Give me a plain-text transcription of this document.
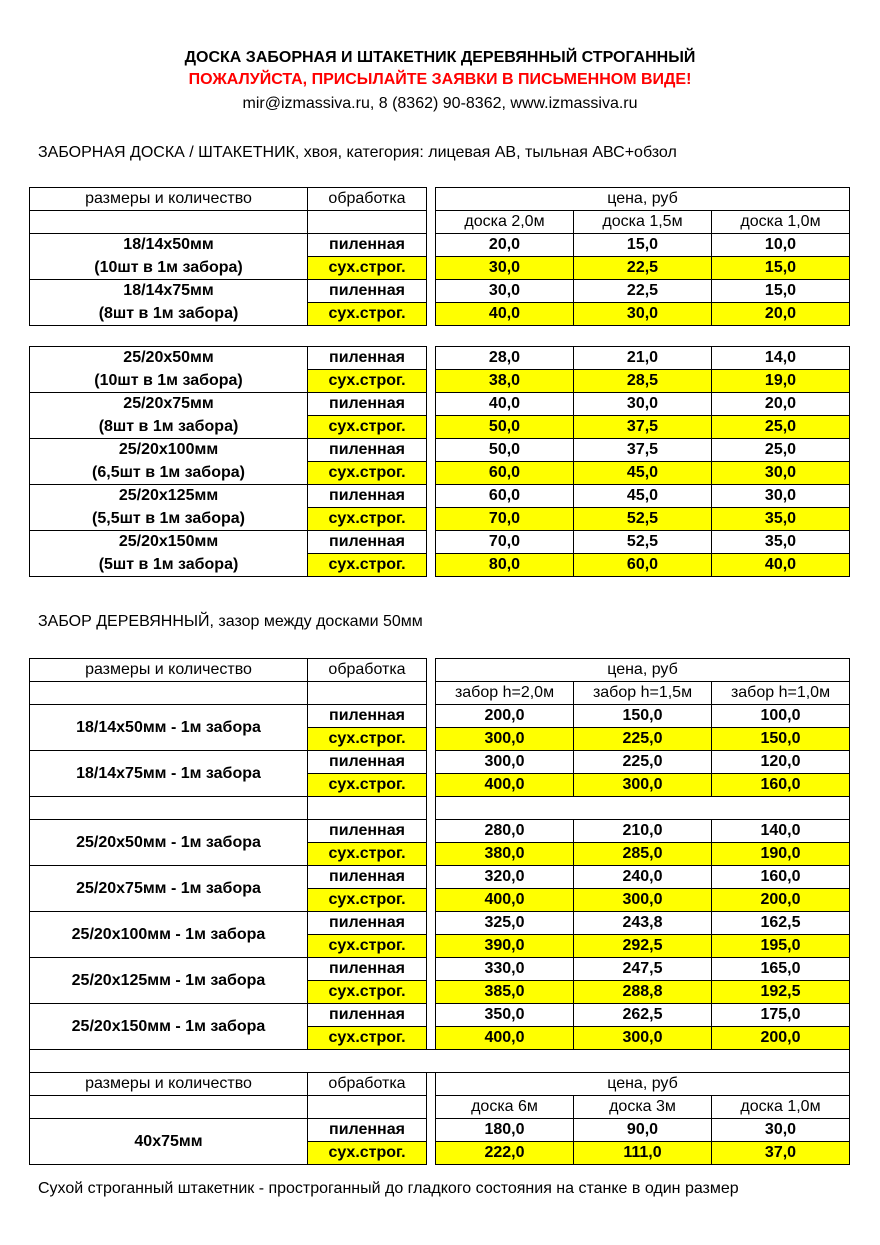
ДОСКА ЗАБОРНАЯ И ШТАКЕТНИК ДЕРЕВЯННЫЙ СТРОГАННЫЙ
ПОЖАЛУЙСТА, ПРИСЫЛАЙТЕ ЗАЯВКИ В ПИСЬМЕННОМ ВИДЕ!
mir@izmassiva.ru, 8 (8362) 90-8362, www.izmassiva.ru
ЗАБОРНАЯ ДОСКА / ШТАКЕТНИК, хвоя, категория: лицевая АВ, тыльная АВС+обзол
размеры и количество	обработка		цена, руб		
			доска 2,0м	доска 1,5м	доска 1,0м
18/14х50мм	пиленная		20,0	15,0	10,0
(10шт в 1м забора)	сух.строг.		30,0	22,5	15,0
18/14х75мм	пиленная		30,0	22,5	15,0
(8шт в 1м забора)	сух.строг.		40,0	30,0	20,0

25/20х50мм	пиленная		28,0	21,0	14,0
(10шт в 1м забора)	сух.строг.		38,0	28,5	19,0
25/20х75мм	пиленная		40,0	30,0	20,0
(8шт в 1м забора)	сух.строг.		50,0	37,5	25,0
25/20х100мм	пиленная		50,0	37,5	25,0
(6,5шт в 1м забора)	сух.строг.		60,0	45,0	30,0
25/20х125мм	пиленная		60,0	45,0	30,0
(5,5шт в 1м забора)	сух.строг.		70,0	52,5	35,0
25/20х150мм	пиленная		70,0	52,5	35,0
(5шт в 1м забора)	сух.строг.		80,0	60,0	40,0
ЗАБОР ДЕРЕВЯННЫЙ, зазор между досками 50мм
размеры и количество	обработка		цена, руб		
			забор h=2,0м	забор h=1,5м	забор h=1,0м
18/14х50мм - 1м забора	пиленная		200,0	150,0	100,0
	сух.строг.		300,0	225,0	150,0
18/14х75мм - 1м забора	пиленная		300,0	225,0	120,0
	сух.строг.		400,0	300,0	160,0

25/20х50мм - 1м забора	пиленная		280,0	210,0	140,0
	сух.строг.		380,0	285,0	190,0
25/20х75мм - 1м забора	пиленная		320,0	240,0	160,0
	сух.строг.		400,0	300,0	200,0
25/20х100мм - 1м забора	пиленная		325,0	243,8	162,5
	сух.строг.		390,0	292,5	195,0
25/20х125мм - 1м забора	пиленная		330,0	247,5	165,0
	сух.строг.		385,0	288,8	192,5
25/20х150мм - 1м забора	пиленная		350,0	262,5	175,0
	сух.строг.		400,0	300,0	200,0

размеры и количество	обработка		цена, руб		
			доска 6м	доска 3м	доска 1,0м
40х75мм	пиленная		180,0	90,0	30,0
	сух.строг.		222,0	111,0	37,0
Сухой строганный штакетник - простроганный до гладкого состояния на станке в один размер
